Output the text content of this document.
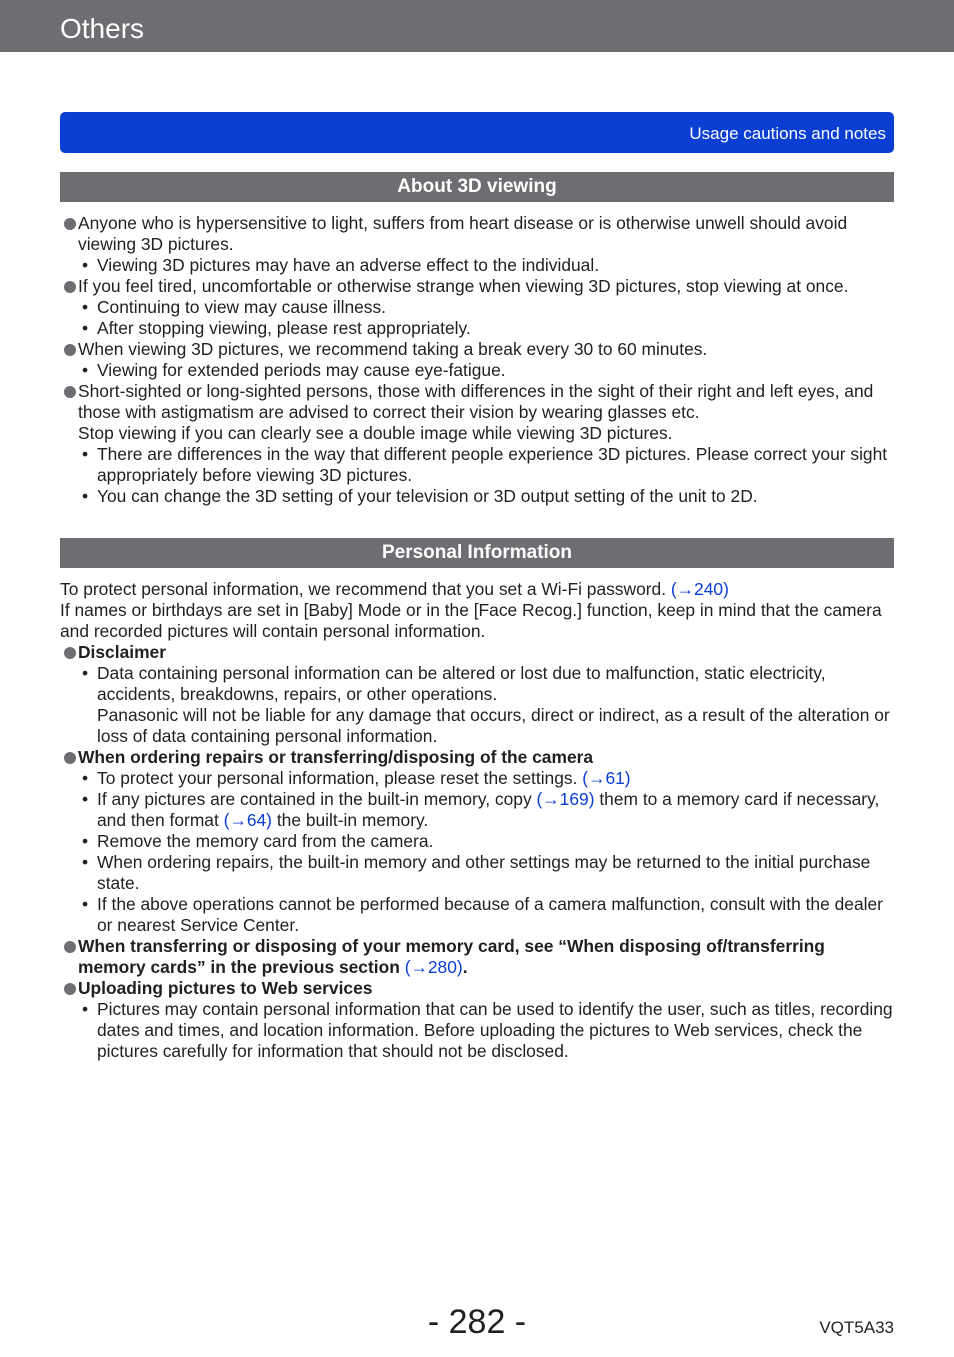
Others
Usage cautions and notes
About 3D viewing
Anyone who is hypersensitive to light, suffers from heart disease or is otherwise unwell should avoid viewing 3D pictures.
• Viewing 3D pictures may have an adverse effect to the individual.
If you feel tired, uncomfortable or otherwise strange when viewing 3D pictures, stop viewing at once.
• Continuing to view may cause illness.
• After stopping viewing, please rest appropriately.
When viewing 3D pictures, we recommend taking a break every 30 to 60 minutes.
• Viewing for extended periods may cause eye-fatigue.
Short-sighted or long-sighted persons, those with differences in the sight of their right and left eyes, and those with astigmatism are advised to correct their vision by wearing glasses etc.
Stop viewing if you can clearly see a double image while viewing 3D pictures.
• There are differences in the way that different people experience 3D pictures. Please correct your sight appropriately before viewing 3D pictures.
• You can change the 3D setting of your television or 3D output setting of the unit to 2D.
Personal Information
To protect personal information, we recommend that you set a Wi-Fi password. (→240)
If names or birthdays are set in [Baby] Mode or in the [Face Recog.] function, keep in mind that the camera and recorded pictures will contain personal information.
Disclaimer
• Data containing personal information can be altered or lost due to malfunction, static electricity, accidents, breakdowns, repairs, or other operations.
Panasonic will not be liable for any damage that occurs, direct or indirect, as a result of the alteration or loss of data containing personal information.
When ordering repairs or transferring/disposing of the camera
• To protect your personal information, please reset the settings. (→61)
• If any pictures are contained in the built-in memory, copy (→169) them to a memory card if necessary, and then format (→64) the built-in memory.
• Remove the memory card from the camera.
• When ordering repairs, the built-in memory and other settings may be returned to the initial purchase state.
• If the above operations cannot be performed because of a camera malfunction, consult with the dealer or nearest Service Center.
When transferring or disposing of your memory card, see “When disposing of/transferring memory cards” in the previous section (→280).
Uploading pictures to Web services
• Pictures may contain personal information that can be used to identify the user, such as titles, recording dates and times, and location information. Before uploading the pictures to Web services, check the pictures carefully for information that should not be disclosed.
- 282 -	VQT5A33
